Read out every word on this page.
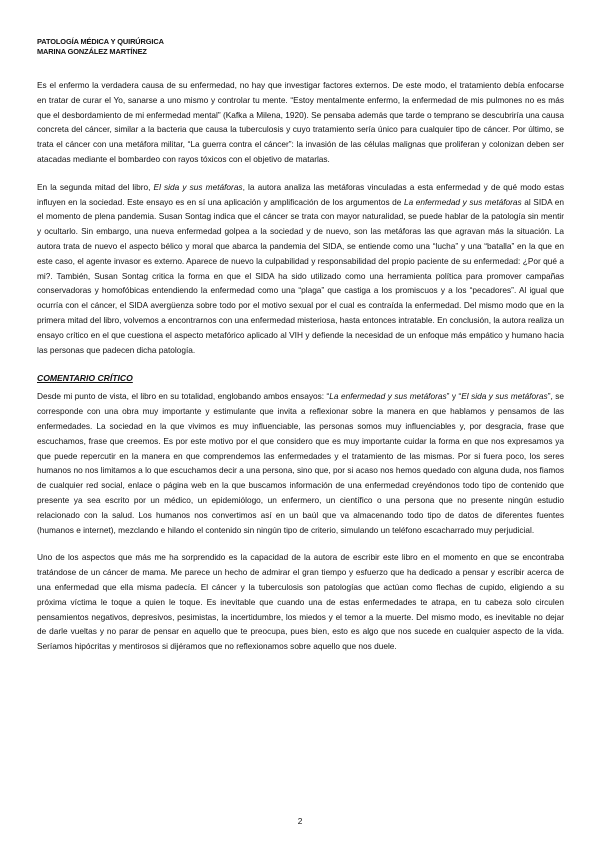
PATOLOGÍA MÉDICA Y QUIRÚRGICA
MARINA GONZÁLEZ MARTÍNEZ

Es el enfermo la verdadera causa de su enfermedad, no hay que investigar factores externos. De este modo, el tratamiento debía enfocarse en tratar de curar el Yo, sanarse a uno mismo y controlar tu mente. “Estoy mentalmente enfermo, la enfermedad de mis pulmones no es más que el desbordamiento de mi enfermedad mental” (Kafka a Milena, 1920). Se pensaba además que tarde o temprano se descubriría una causa concreta del cáncer, similar a la bacteria que causa la tuberculosis y cuyo tratamiento sería único para cualquier tipo de cáncer. Por último, se trata el cáncer con una metáfora militar, “La guerra contra el cáncer”: la invasión de las células malignas que proliferan y colonizan deben ser atacadas mediante el bombardeo con rayos tóxicos con el objetivo de matarlas.

En la segunda mitad del libro, El sida y sus metáforas, la autora analiza las metáforas vinculadas a esta enfermedad y de qué modo estas influyen en la sociedad. Este ensayo es en sí una aplicación y amplificación de los argumentos de La enfermedad y sus metáforas al SIDA en el momento de plena pandemia. Susan Sontag indica que el cáncer se trata con mayor naturalidad, se puede hablar de la patología sin mentir y ocultarlo. Sin embargo, una nueva enfermedad golpea a la sociedad y de nuevo, son las metáforas las que agravan más la situación. La autora trata de nuevo el aspecto bélico y moral que abarca la pandemia del SIDA, se entiende como una “lucha” y una “batalla” en la que en este caso, el agente invasor es externo. Aparece de nuevo la culpabilidad y responsabilidad del propio paciente de su enfermedad: ¿Por qué a mi?. También, Susan Sontag critica la forma en que el SIDA ha sido utilizado como una herramienta política para promover campañas conservadoras y homofóbicas entendiendo la enfermedad como una “plaga” que castiga a los promiscuos y a los “pecadores”. Al igual que ocurría con el cáncer, el SIDA avergüenza sobre todo por el motivo sexual por el cual es contraída la enfermedad. Del mismo modo que en la primera mitad del libro, volvemos a encontrarnos con una enfermedad misteriosa, hasta entonces intratable. En conclusión, la autora realiza un ensayo crítico en el que cuestiona el aspecto metafórico aplicado al VIH y defiende la necesidad de un enfoque más empático y humano hacia las personas que padecen dicha patología.

COMENTARIO CRÍTICO

Desde mi punto de vista, el libro en su totalidad, englobando ambos ensayos: “La enfermedad y sus metáforas” y “El sida y sus metáforas”, se corresponde con una obra muy importante y estimulante que invita a reflexionar sobre la manera en que hablamos y pensamos de las enfermedades. La sociedad en la que vivimos es muy influenciable, las personas somos muy influenciables y, por desgracia, frase que escuchamos, frase que creemos. Es por este motivo por el que considero que es muy importante cuidar la forma en que nos expresamos ya que puede repercutir en la manera en que comprendemos las enfermedades y el tratamiento de las mismas. Por si fuera poco, los seres humanos no nos limitamos a lo que escuchamos decir a una persona, sino que, por si acaso nos hemos quedado con alguna duda, nos fiamos de cualquier red social, enlace o página web en la que buscamos información de una enfermedad creyéndonos todo tipo de contenido que presente ya sea escrito por un médico, un epidemiólogo, un enfermero, un científico o una persona que no presente ningún estudio relacionado con la salud. Los humanos nos convertimos así en un baúl que va almacenando todo tipo de datos de diferentes fuentes (humanos e internet), mezclando e hilando el contenido sin ningún tipo de criterio, simulando un teléfono escacharrado muy perjudicial.

Uno de los aspectos que más me ha sorprendido es la capacidad de la autora de escribir este libro en el momento en que se encontraba tratándose de un cáncer de mama. Me parece un hecho de admirar el gran tiempo y esfuerzo que ha dedicado a pensar y escribir acerca de una enfermedad que ella misma padecía. El cáncer y la tuberculosis son patologías que actúan como flechas de cupido, eligiendo a su próxima víctima le toque a quien le toque. Es inevitable que cuando una de estas enfermedades te atrapa, en tu cabeza solo circulen pensamientos negativos, depresivos, pesimistas, la incertidumbre, los miedos y el temor a la muerte. Del mismo modo, es inevitable no dejar de darle vueltas y no parar de pensar en aquello que te preocupa, pues bien, esto es algo que nos sucede en cualquier aspecto de la vida. Seríamos hipócritas y mentirosos si dijéramos que no reflexionamos sobre aquello que nos duele.

2
